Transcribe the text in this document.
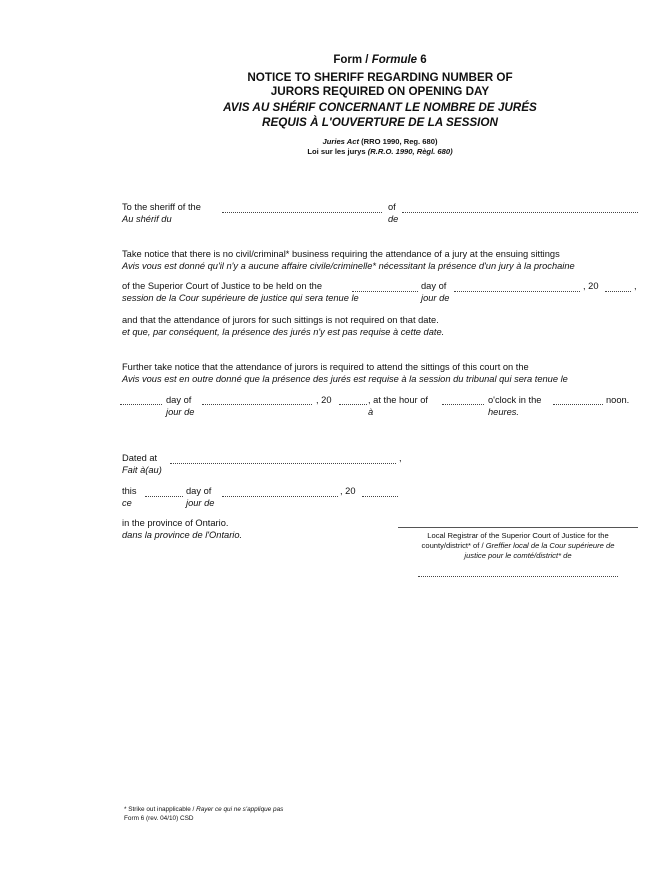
Form / Formule 6
NOTICE TO SHERIFF REGARDING NUMBER OF
JURORS REQUIRED ON OPENING DAY
AVIS AU SHÉRIF CONCERNANT LE NOMBRE DE JURÉS
REQUIS À L'OUVERTURE DE LA SESSION
Juries Act (RRO 1990, Reg. 680)
Loi sur les jurys (R.R.O. 1990, Règl. 680)
To the sheriff of the
Au shérif du
of
de
Take notice that there is no civil/criminal* business requiring the attendance of a jury at the ensuing sittings
Avis vous est donné qu'il n'y a aucune affaire civile/criminelle* nécessitant la présence d'un jury à la prochaine
of the Superior Court of Justice to be held on the
session de la Cour supérieure de justice qui sera tenue le
day of
jour de
, 20	,
and that the attendance of jurors for such sittings is not required on that date.
et que, par conséquent, la présence des jurés n'y est pas requise à cette date.
Further take notice that the attendance of jurors is required to attend the sittings of this court on the
Avis vous est en outre donné que la présence des jurés est requise à la session du tribunal qui sera tenue le
day of
jour de
, 20	, at the hour of
à
o'clock in the
heures.
noon.
Dated at
Fait à(au)
,
this
ce
day of
jour de
, 20
in the province of Ontario.
dans la province de l'Ontario.	Local Registrar of the Superior Court of Justice for the
county/district* of / Greffier local de la Cour supérieure de
justice pour le comté/district* de
* Strike out inapplicable / Rayer ce qui ne s'applique pas
Form 6 (rev. 04/10) CSD
